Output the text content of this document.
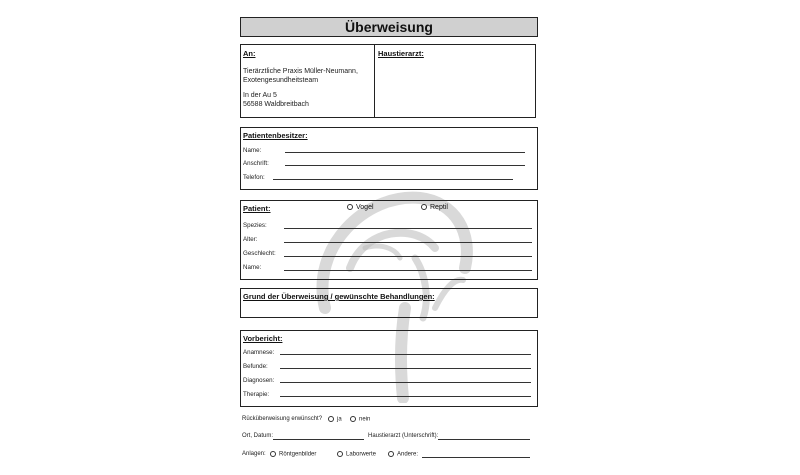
Überweisung
An:
Tierärztliche Praxis Müller-Neumann,
Exotengesundheitsteam
In der Au 5
56588 Waldbreitbach
Haustierarzt:
Patientenbesitzer:
Name:
Anschrift:
Telefon:
Patient:	Vogel	Reptil
Spezies:
Alter:
Geschlecht:
Name:
Grund der Überweisung / gewünschte Behandlungen:
Vorbericht:
Anamnese:
Befunde:
Diagnosen:
Therapie:
Rücküberweisung erwünscht?	ja	nein
Ort, Datum:	Haustierarzt (Unterschrift):
Anlagen:	Röntgenbilder	Laborwerte	Andere:
